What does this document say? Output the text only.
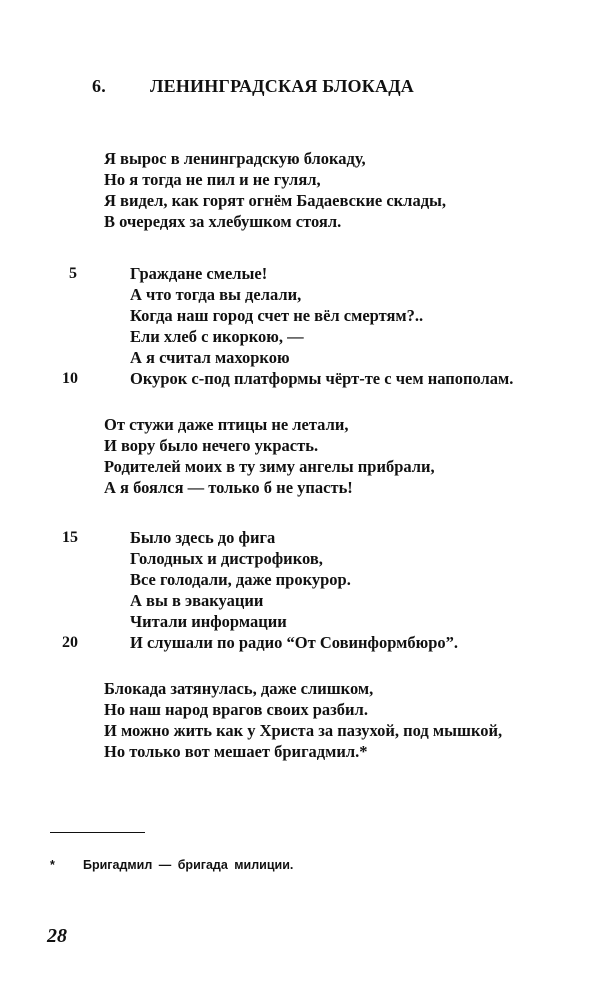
6. ЛЕНИНГРАДСКАЯ БЛОКАДА
Я вырос в ленинградскую блокаду,
Но я тогда не пил и не гулял,
Я видел, как горят огнём Бадаевские склады,
В очередях за хлебушком стоял.
5	Граждане смелые!
А что тогда вы делали,
Когда наш город счет не вёл смертям?..
Ели хлеб с икоркою, —
А я считал махоркою
10	Окурок с-под платформы чёрт-те с чем напополам.
От стужи даже птицы не летали,
И вору было нечего украсть.
Родителей моих в ту зиму ангелы прибрали,
А я боялся — только б не упасть!
15	Было здесь до фига
Голодных и дистрофиков,
Все голодали, даже прокурор.
А вы в эвакуации
Читали информации
20	И слушали по радио “От Совинформбюро”.
Блокада затянулась, даже слишком,
Но наш народ врагов своих разбил.
И можно жить как у Христа за пазухой, под мышкой,
Но только вот мешает бригадмил.*
* Бригадмил — бригада милиции.
28
